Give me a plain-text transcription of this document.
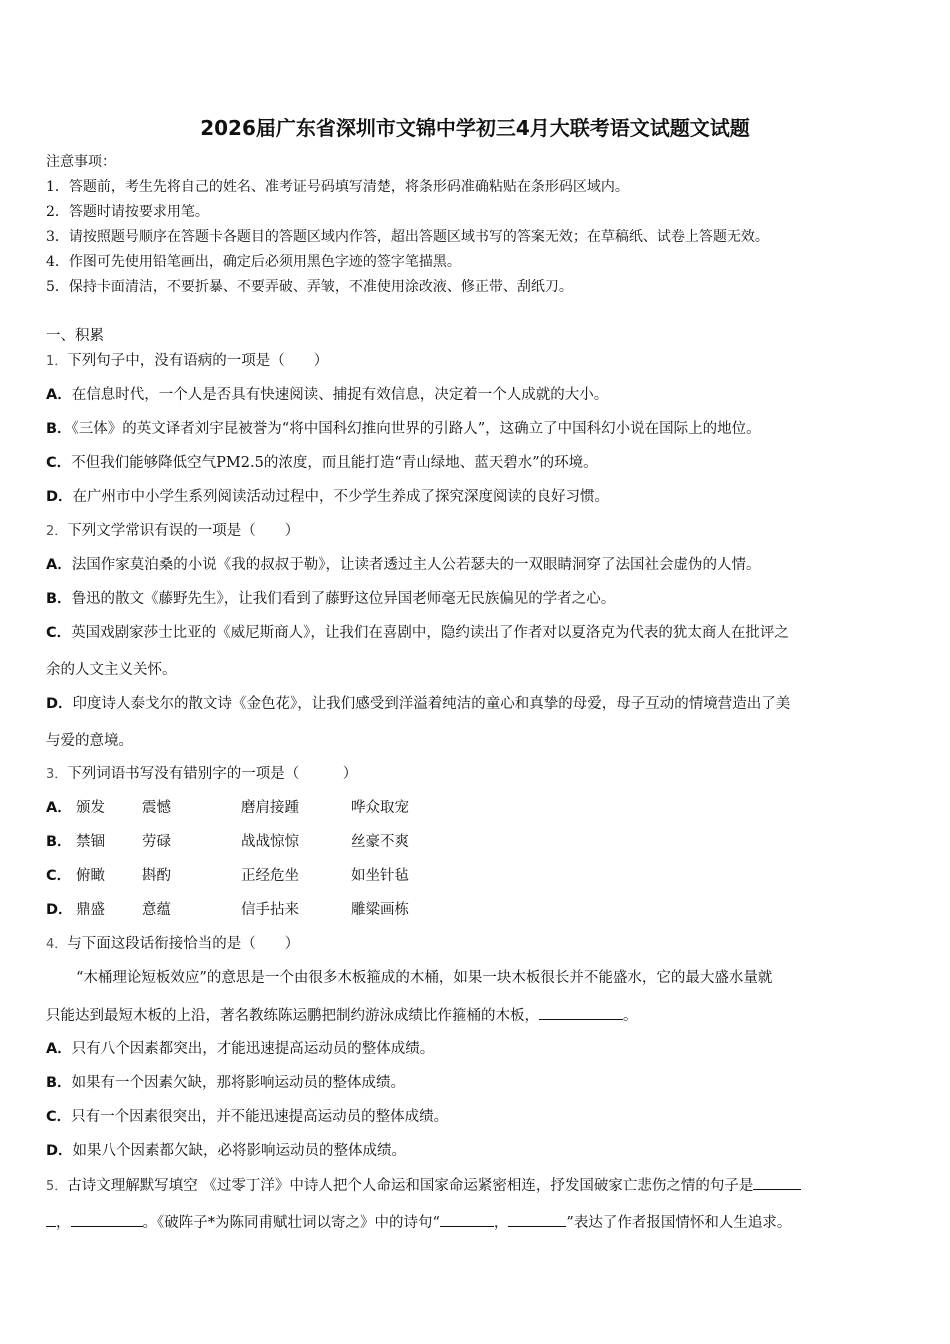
2026届广东省深圳市文锦中学初三4月大联考语文试题文试题
注意事项：
1．答题前，考生先将自己的姓名、准考证号码填写清楚，将条形码准确粘贴在条形码区域内。
2．答题时请按要求用笔。
3．请按照题号顺序在答题卡各题目的答题区域内作答，超出答题区域书写的答案无效；在草稿纸、试卷上答题无效。
4．作图可先使用铅笔画出，确定后必须用黑色字迹的签字笔描黑。
5．保持卡面清洁，不要折暴、不要弄破、弄皱，不准使用涂改液、修正带、刮纸刀。
一、积累
1．下列句子中，没有语病的一项是（　　）
A．在信息时代，一个人是否具有快速阅读、捕捉有效信息，决定着一个人成就的大小。
B．《三体》的英文译者刘宇昆被誉为“将中国科幻推向世界的引路人”，这确立了中国科幻小说在国际上的地位。
C．不但我们能够降低空气PM2.5的浓度，而且能打造“青山绿地、蓝天碧水”的环境。
D．在广州市中小学生系列阅读活动过程中，不少学生养成了探究深度阅读的良好习惯。
2．下列文学常识有误的一项是（　　）
A．法国作家莫泊桑的小说《我的叔叔于勒》，让读者透过主人公若瑟夫的一双眼睛洞穿了法国社会虚伪的人情。
B．鲁迅的散文《藤野先生》，让我们看到了藤野这位异国老师毫无民族偏见的学者之心。
C．英国戏剧家莎士比亚的《威尼斯商人》，让我们在喜剧中，隐约读出了作者对以夏洛克为代表的犹太商人在批评之
余的人文主义关怀。
D．印度诗人泰戈尔的散文诗《金色花》，让我们感受到洋溢着纯洁的童心和真挚的母爱，母子互动的情境营造出了美
与爱的意境。
3．下列词语书写没有错别字的一项是（　　　）
A． 颁发	震憾	磨肩接踵	哗众取宠
B． 禁锢	劳碌	战战惊惊	丝豪不爽
C． 俯瞰	斟酌	正经危坐	如坐针毡
D． 鼎盛	意蕴	信手拈来	雕粱画栋
4．与下面这段话衔接恰当的是（　　）
“木桶理论短板效应”的意思是一个由很多木板箍成的木桶，如果一块木板很长并不能盛水，它的最大盛水量就
只能达到最短木板的上沿，著名教练陈运鹏把制约游泳成绩比作箍桶的木板，	。
A．只有八个因素都突出，才能迅速提高运动员的整体成绩。
B．如果有一个因素欠缺，那将影响运动员的整体成绩。
C．只有一个因素很突出，并不能迅速提高运动员的整体成绩。
D．如果八个因素都欠缺，必将影响运动员的整体成绩。
5．古诗文理解默写填空 《过零丁洋》中诗人把个人命运和国家命运紧密相连，抒发国破家亡悲伤之情的句子是
，	。《破阵子*为陈同甫赋壮词以寄之》中的诗句“	，	”表达了作者报国情怀和人生追求。
